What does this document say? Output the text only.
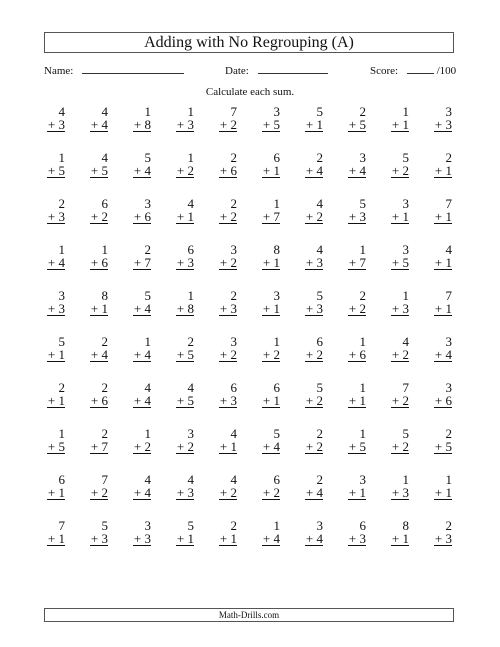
Adding with No Regrouping (A)
Name:	Date:	Score:	/100
Calculate each sum.
4
+ 3
4
+ 4
1
+ 8
1
+ 3
7
+ 2
3
+ 5
5
+ 1
2
+ 5
1
+ 1
3
+ 3
1
+ 5
4
+ 5
5
+ 4
1
+ 2
2
+ 6
6
+ 1
2
+ 4
3
+ 4
5
+ 2
2
+ 1
2
+ 3
6
+ 2
3
+ 6
4
+ 1
2
+ 2
1
+ 7
4
+ 2
5
+ 3
3
+ 1
7
+ 1
1
+ 4
1
+ 6
2
+ 7
6
+ 3
3
+ 2
8
+ 1
4
+ 3
1
+ 7
3
+ 5
4
+ 1
3
+ 3
8
+ 1
5
+ 4
1
+ 8
2
+ 3
3
+ 1
5
+ 3
2
+ 2
1
+ 3
7
+ 1
5
+ 1
2
+ 4
1
+ 4
2
+ 5
3
+ 2
1
+ 2
6
+ 2
1
+ 6
4
+ 2
3
+ 4
2
+ 1
2
+ 6
4
+ 4
4
+ 5
6
+ 3
6
+ 1
5
+ 2
1
+ 1
7
+ 2
3
+ 6
1
+ 5
2
+ 7
1
+ 2
3
+ 2
4
+ 1
5
+ 4
2
+ 2
1
+ 5
5
+ 2
2
+ 5
6
+ 1
7
+ 2
4
+ 4
4
+ 3
4
+ 2
6
+ 2
2
+ 4
3
+ 1
1
+ 3
1
+ 1
7
+ 1
5
+ 3
3
+ 3
5
+ 1
2
+ 1
1
+ 4
3
+ 4
6
+ 3
8
+ 1
2
+ 3
Math-Drills.com
